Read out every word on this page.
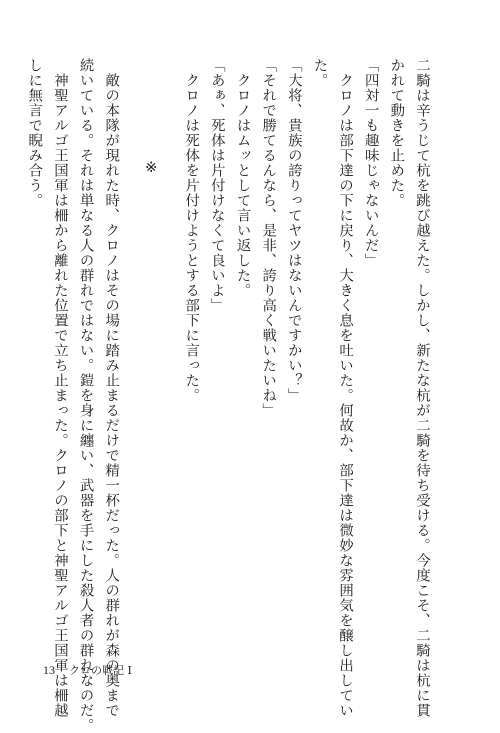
二騎は辛うじて杭を跳び越えた。しかし、新たな杭が二騎を待ち受ける。今度こそ、二騎は杭に貫
かれて動きを止めた。
「四対一も趣味じゃないんだ」
　クロノは部下達の下に戻り、大きく息を吐いた。何故か、部下達は微妙な雰囲気を醸し出してい
た。
「大将、貴族の誇りってヤツはないんですかい？」
「それで勝てるんなら、是非、誇り高く戦いたいね」
　クロノはムッとして言い返した。
「あぁ、死体は片付けなくて良いよ」
　クロノは死体を片付けようとする部下に言った。
※
　敵の本隊が現れた時、クロノはその場に踏み止まるだけで精一杯だった。人の群れが森の奥まで
続いている。それは単なる人の群れではない。鎧を身に纏い、武器を手にした殺人者の群れなのだ。
　神聖アルゴ王国軍は柵から離れた位置で立ち止まった。クロノの部下と神聖アルゴ王国軍は柵越
しに無言で睨み合う。
13 クロの戦記 Ⅰ
